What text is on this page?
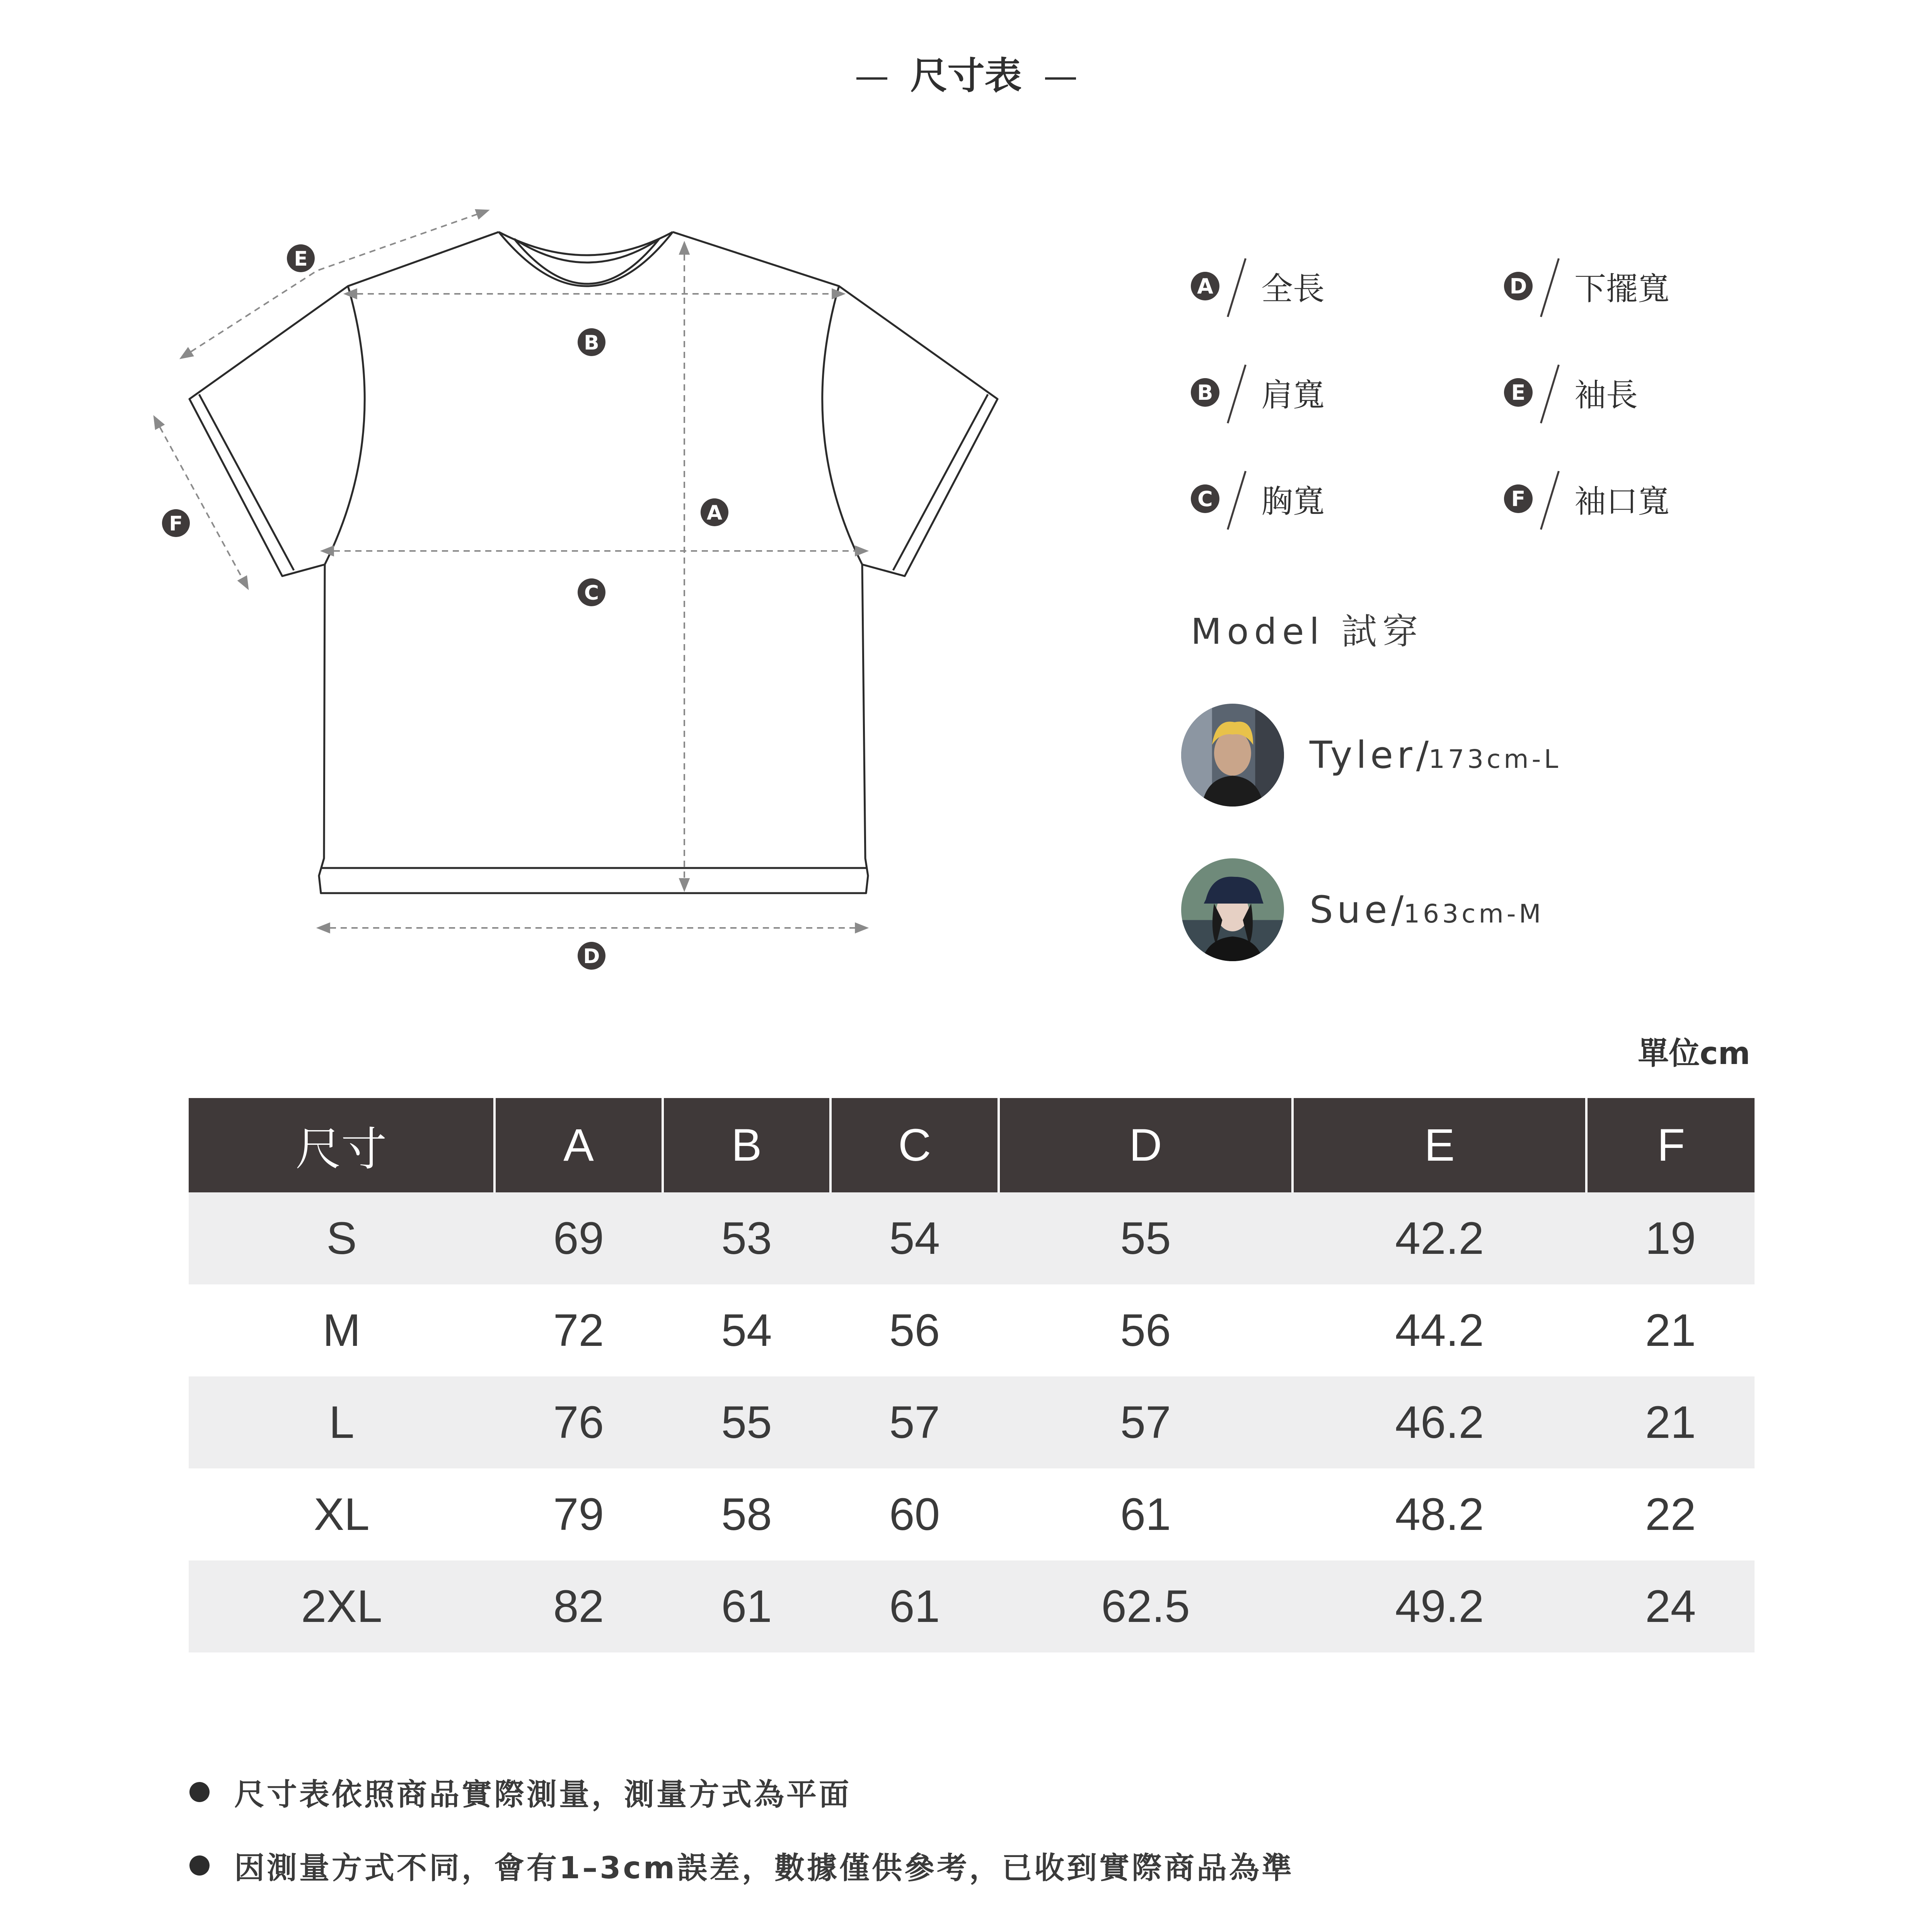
尺寸表
A
B
C
D
E
F
A 全長	D 下擺寬
B 肩寬	E 袖長
C 胸寬	F 袖口寬
Model 試穿
Tyler/173cm-L
Sue/163cm-M
單位cm
尺寸	A	B	C	D	E	F
S	69	53	54	55	42.2	19
M	72	54	56	56	44.2	21
L	76	55	57	57	46.2	21
XL	79	58	60	61	48.2	22
2XL	82	61	61	62.5	49.2	24
尺寸表依照商品實際測量，測量方式為平面
因測量方式不同，會有1–3cm誤差，數據僅供參考，已收到實際商品為準
